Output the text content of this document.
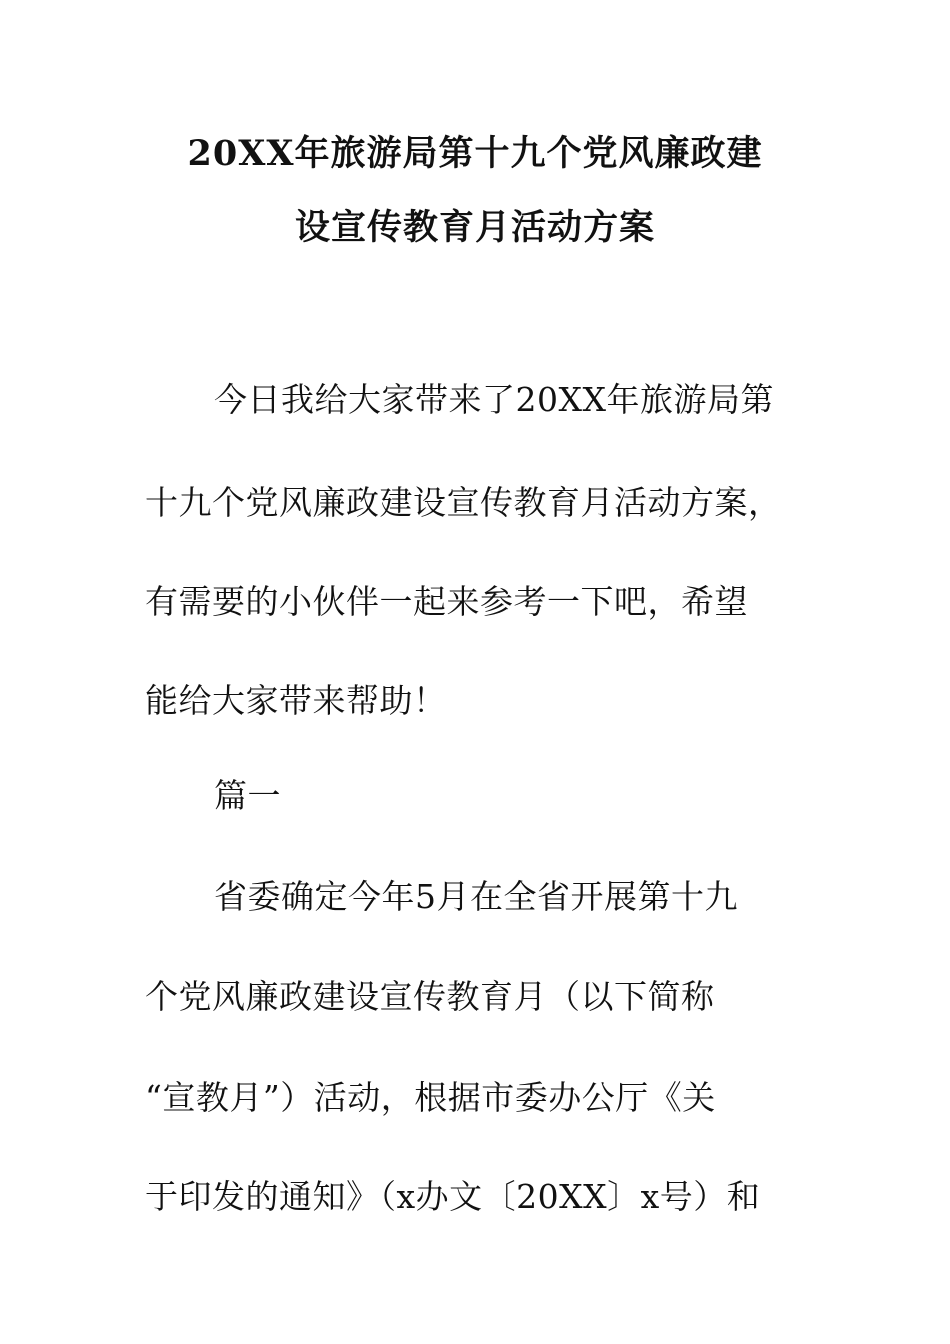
20XX年旅游局第十九个党风廉政建
设宣传教育月活动方案
今日我给大家带来了20XX年旅游局第
十九个党风廉政建设宣传教育月活动方案，
有需要的小伙伴一起来参考一下吧，希望
能给大家带来帮助！
篇一
省委确定今年5月在全省开展第十九
个党风廉政建设宣传教育月（以下简称
“宣教月”）活动，根据市委办公厅《关
于印发的通知》（x办文〔20XX〕x号）和
